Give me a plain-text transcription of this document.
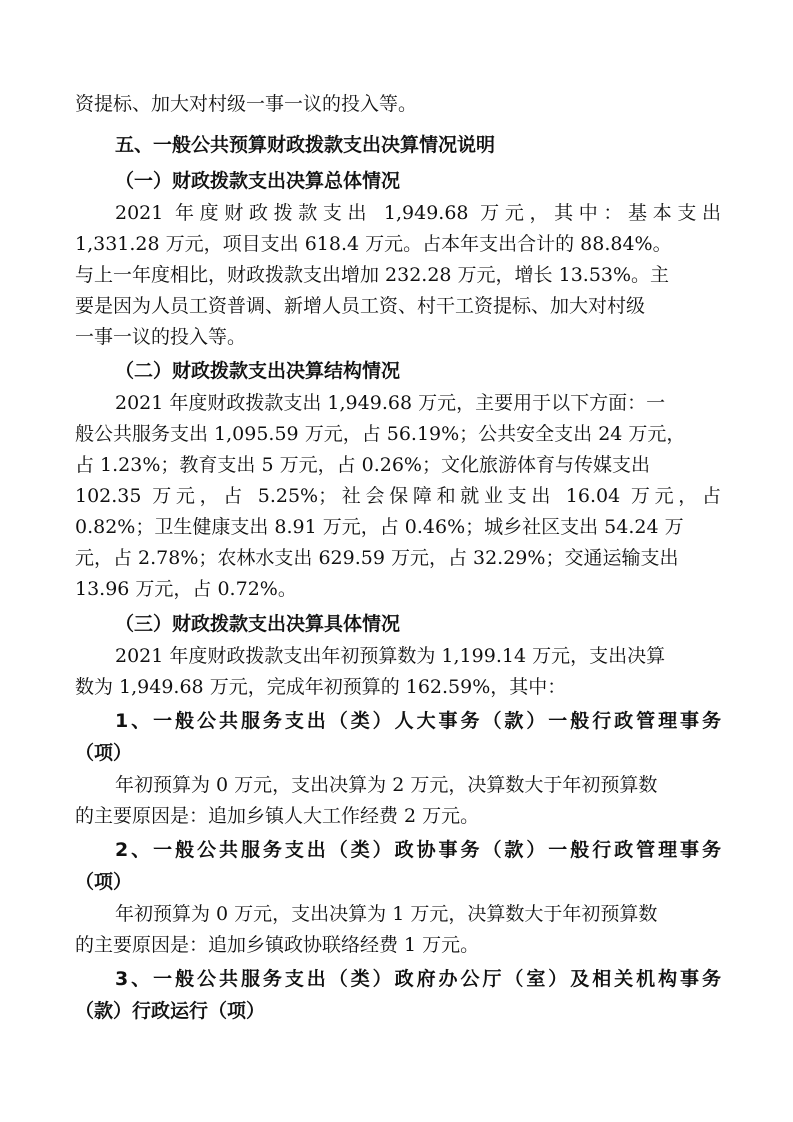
资提标、加大对村级一事一议的投入等。
五、一般公共预算财政拨款支出决算情况说明
（一）财政拨款支出决算总体情况
2021 年度财政拨款支出 1,949.68 万元，其中：基本支出
1,331.28 万元，项目支出 618.4 万元。占本年支出合计的 88.84%。
与上一年度相比，财政拨款支出增加 232.28 万元，增长 13.53%。主
要是因为人员工资普调、新增人员工资、村干工资提标、加大对村级
一事一议的投入等。
（二）财政拨款支出决算结构情况
2021 年度财政拨款支出 1,949.68 万元，主要用于以下方面：一
般公共服务支出 1,095.59 万元，占 56.19%；公共安全支出 24 万元，
占 1.23%；教育支出 5 万元，占 0.26%；文化旅游体育与传媒支出
102.35 万元，占 5.25%；社会保障和就业支出 16.04 万元，占
0.82%；卫生健康支出 8.91 万元，占 0.46%；城乡社区支出 54.24 万
元，占 2.78%；农林水支出 629.59 万元，占 32.29%；交通运输支出
13.96 万元，占 0.72%。
（三）财政拨款支出决算具体情况
2021 年度财政拨款支出年初预算数为 1,199.14 万元，支出决算
数为 1,949.68 万元，完成年初预算的 162.59%，其中：
1、一般公共服务支出（类）人大事务（款）一般行政管理事务
（项）
年初预算为 0 万元，支出决算为 2 万元，决算数大于年初预算数
的主要原因是：追加乡镇人大工作经费 2 万元。
2、一般公共服务支出（类）政协事务（款）一般行政管理事务
（项）
年初预算为 0 万元，支出决算为 1 万元，决算数大于年初预算数
的主要原因是：追加乡镇政协联络经费 1 万元。
3、一般公共服务支出（类）政府办公厅（室）及相关机构事务
（款）行政运行（项）
